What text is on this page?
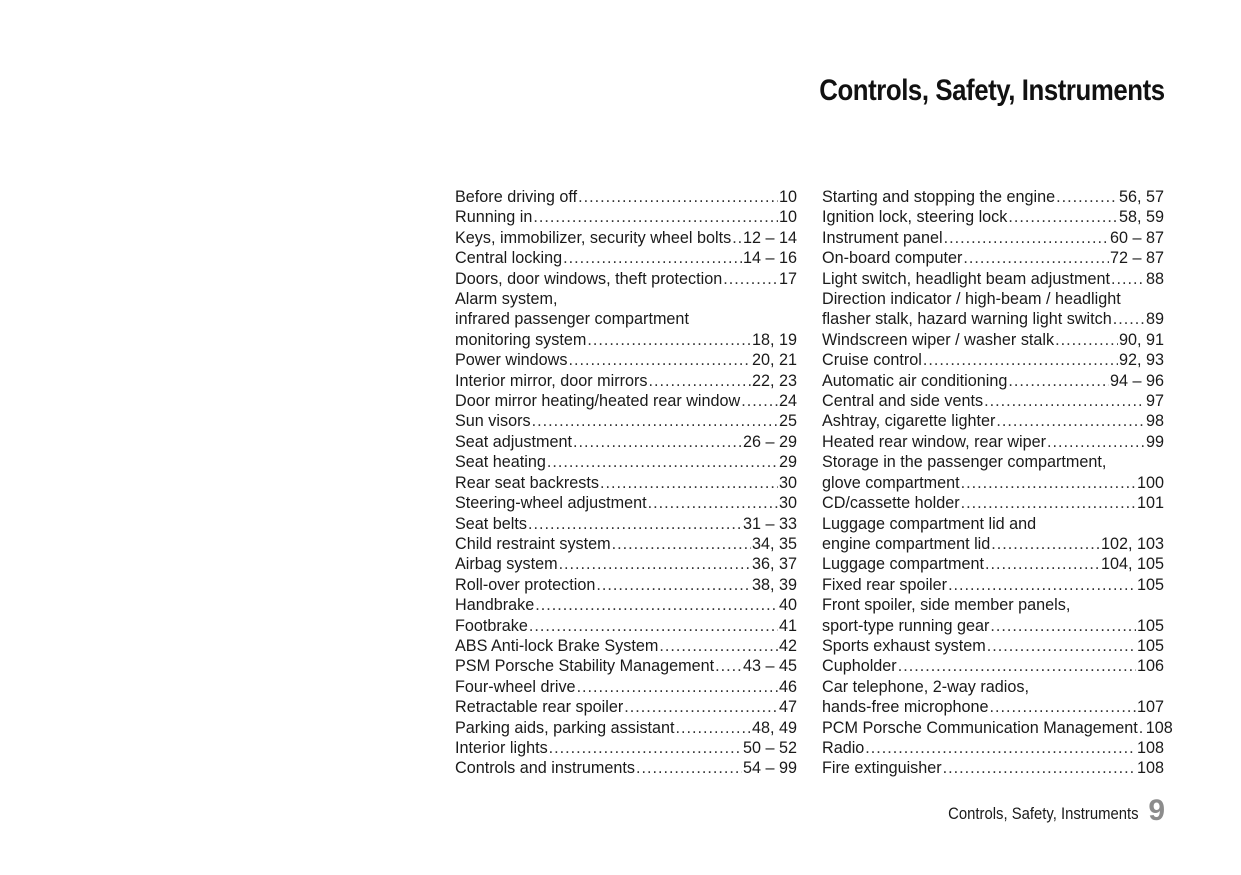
Controls, Safety, Instruments
Before driving off .....	10
Running in .....	10
Keys, immobilizer, security wheel bolts ..... 12 – 14
Central locking .....	14 – 16
Doors, door windows, theft protection .....	17
Alarm system,
infrared passenger compartment
monitoring system .....	18, 19
Power windows .....	20, 21
Interior mirror, door mirrors .....	22, 23
Door mirror heating/heated rear window ..... 24
Sun visors .....	25
Seat adjustment .....	26 – 29
Seat heating .....	29
Rear seat backrests .....	30
Steering-wheel adjustment .....	30
Seat belts .....	31 – 33
Child restraint system .....	34, 35
Airbag system .....	36, 37
Roll-over protection .....	38, 39
Handbrake .....	40
Footbrake .....	41
ABS Anti-lock Brake System .....	42
PSM Porsche Stability Management ..... 43 – 45
Four-wheel drive .....	46
Retractable rear spoiler .....	47
Parking aids, parking assistant .....	48, 49
Interior lights .....	50 – 52
Controls and instruments .....	54 – 99
Starting and stopping the engine .....	56, 57
Ignition lock, steering lock .....	58, 59
Instrument panel .....	60 – 87
On-board computer .....	72 – 87
Light switch, headlight beam adjustment ..... 88
Direction indicator / high-beam / headlight
flasher stalk, hazard warning light switch ..... 89
Windscreen wiper / washer stalk .....	90, 91
Cruise control .....	92, 93
Automatic air conditioning .....	94 – 96
Central and side vents .....	97
Ashtray, cigarette lighter .....	98
Heated rear window, rear wiper .....	99
Storage in the passenger compartment,
glove compartment .....	100
CD/cassette holder .....	101
Luggage compartment lid and
engine compartment lid .....	102, 103
Luggage compartment .....	104, 105
Fixed rear spoiler .....	105
Front spoiler, side member panels,
sport-type running gear .....	105
Sports exhaust system .....	105
Cupholder .....	106
Car telephone, 2-way radios,
hands-free microphone .....	107
PCM Porsche Communication Management ..... 108
Radio .....	108
Fire extinguisher .....	108
Controls, Safety, Instruments 9
